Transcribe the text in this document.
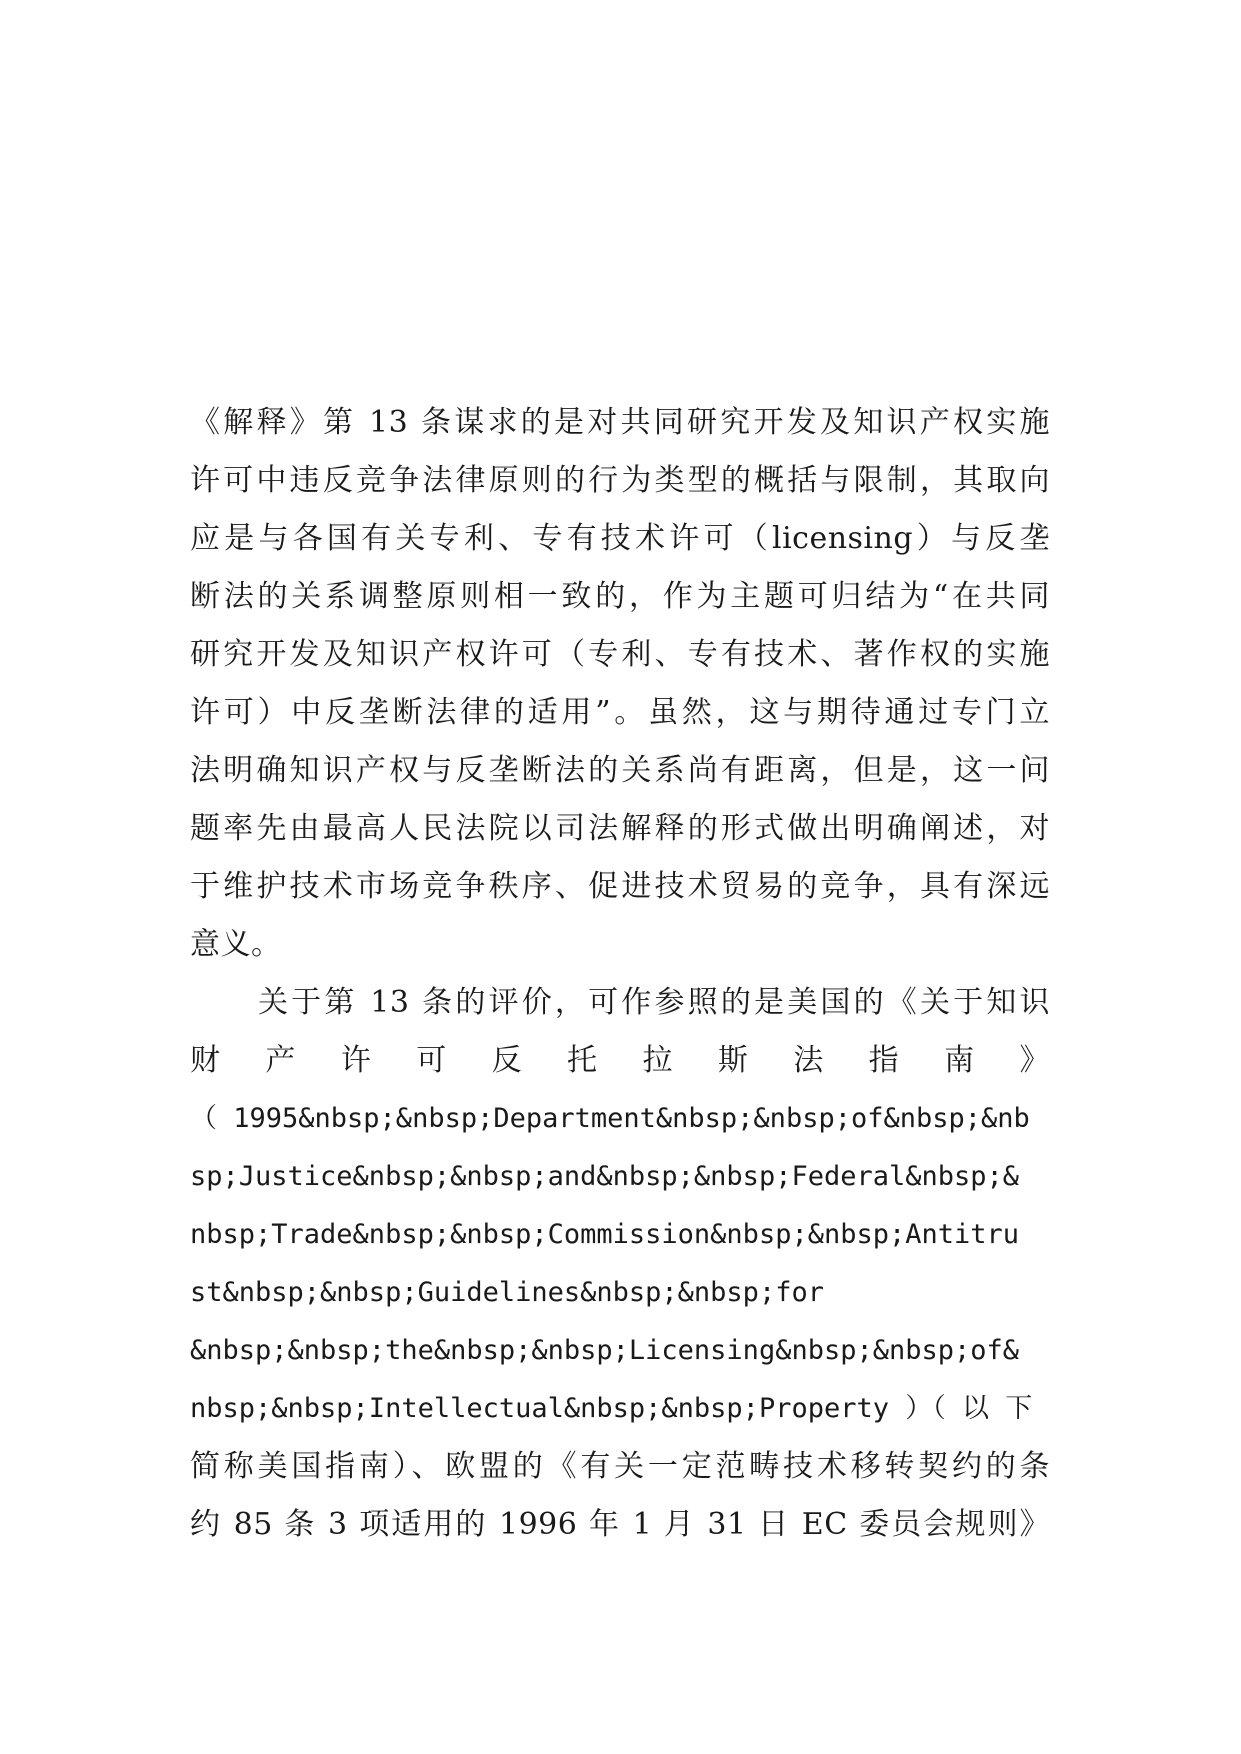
《解释》第 13 条谋求的是对共同研究开发及知识产权实施
许可中违反竞争法律原则的行为类型的概括与限制，其取向
应是与各国有关专利、专有技术许可（licensing）与反垄
断法的关系调整原则相一致的，作为主题可归结为“在共同
研究开发及知识产权许可（专利、专有技术、著作权的实施
许可）中反垄断法律的适用”。虽然，这与期待通过专门立
法明确知识产权与反垄断法的关系尚有距离，但是，这一问
题率先由最高人民法院以司法解释的形式做出明确阐述，对
于维护技术市场竞争秩序、促进技术贸易的竞争，具有深远
意义。
关于第 13 条的评价，可作参照的是美国的《关于知识
财　产　许　可　反　托　拉　斯　法　指　南　》
（ 1995&nbsp;&nbsp;Department&nbsp;&nbsp;of&nbsp;&nb
sp;Justice&nbsp;&nbsp;and&nbsp;&nbsp;Federal&nbsp;&
nbsp;Trade&nbsp;&nbsp;Commission&nbsp;&nbsp;Antitru
st&nbsp;&nbsp;Guidelines&nbsp;&nbsp;for
&nbsp;&nbsp;the&nbsp;&nbsp;Licensing&nbsp;&nbsp;of&
nbsp;&nbsp;Intellectual&nbsp;&nbsp;Property ）（ 以 下
简称美国指南）、欧盟的《有关一定范畴技术移转契约的条
约 85 条 3 项适用的 1996 年 1 月 31 日 EC 委员会规则》
